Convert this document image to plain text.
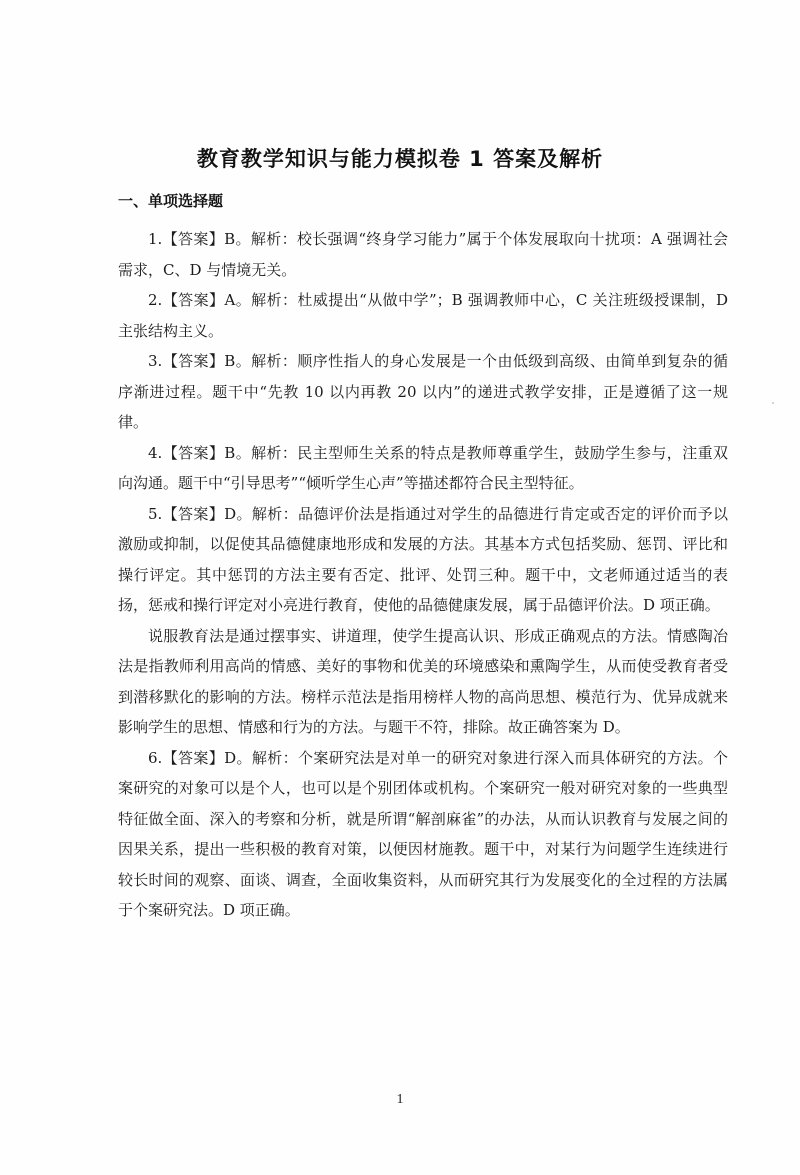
教育教学知识与能力模拟卷 1 答案及解析
一、单项选择题

1.【答案】B。解析：校长强调“终身学习能力”属于个体发展取向十扰项：A 强调社会需求，C、D 与情境无关。

2.【答案】A。解析：杜威提出“从做中学”；B 强调教师中心，C 关注班级授课制，D 主张结构主义。

3.【答案】B。解析：顺序性指人的身心发展是一个由低级到高级、由简单到复杂的循序渐进过程。题干中“先教 10 以内再教 20 以内”的递进式教学安排，正是遵循了这一规律。

4.【答案】B。解析：民主型师生关系的特点是教师尊重学生，鼓励学生参与，注重双向沟通。题干中“引导思考”“倾听学生心声”等描述都符合民主型特征。

5.【答案】D。解析：品德评价法是指通过对学生的品德进行肯定或否定的评价而予以激励或抑制，以促使其品德健康地形成和发展的方法。其基本方式包括奖励、惩罚、评比和操行评定。其中惩罚的方法主要有否定、批评、处罚三种。题干中，文老师通过适当的表扬，惩戒和操行评定对小亮进行教育，使他的品德健康发展，属于品德评价法。D 项正确。

说服教育法是通过摆事实、讲道理，使学生提高认识、形成正确观点的方法。情感陶冶法是指教师利用高尚的情感、美好的事物和优美的环境感染和熏陶学生，从而使受教育者受到潜移默化的影响的方法。榜样示范法是指用榜样人物的高尚思想、模范行为、优异成就来影响学生的思想、情感和行为的方法。与题干不符，排除。故正确答案为 D。

6.【答案】D。解析：个案研究法是对单一的研究对象进行深入而具体研究的方法。个案研究的对象可以是个人，也可以是个别团体或机构。个案研究一般对研究对象的一些典型特征做全面、深入的考察和分析，就是所谓“解剖麻雀”的办法，从而认识教育与发展之间的因果关系，提出一些积极的教育对策，以便因材施教。题干中，对某行为问题学生连续进行较长时间的观察、面谈、调查，全面收集资料，从而研究其行为发展变化的全过程的方法属于个案研究法。D 项正确。

1
